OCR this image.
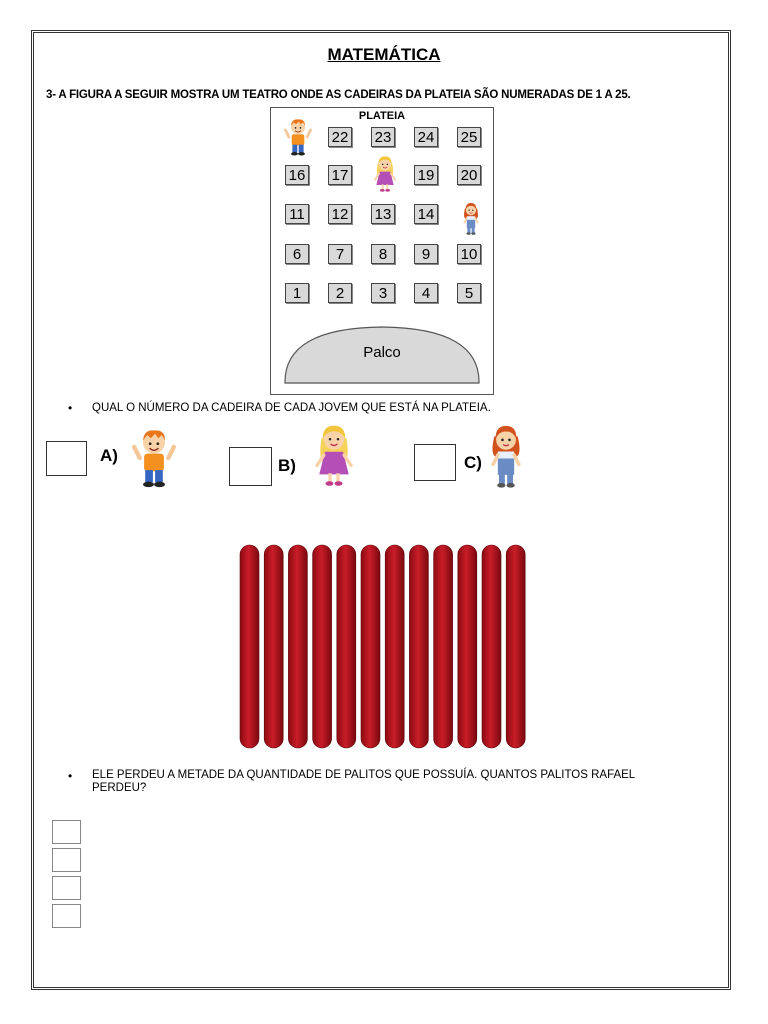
MATEMÁTICA
3- A FIGURA A SEGUIR MOSTRA UM TEATRO ONDE AS CADEIRAS DA PLATEIA SÃO NUMERADAS DE 1 A 25.
PLATEIA
22 23 24 25
16 17	19 20
11 12 13 14
6	7	8	9	10
1	2	3	4	5
Palco
• QUAL O NÚMERO DA CADEIRA DE CADA JOVEM QUE ESTÁ NA PLATEIA.
A)
B)	C)
• ELE PERDEU A METADE DA QUANTIDADE DE PALITOS QUE POSSUÍA. QUANTOS PALITOS RAFAEL
PERDEU?
